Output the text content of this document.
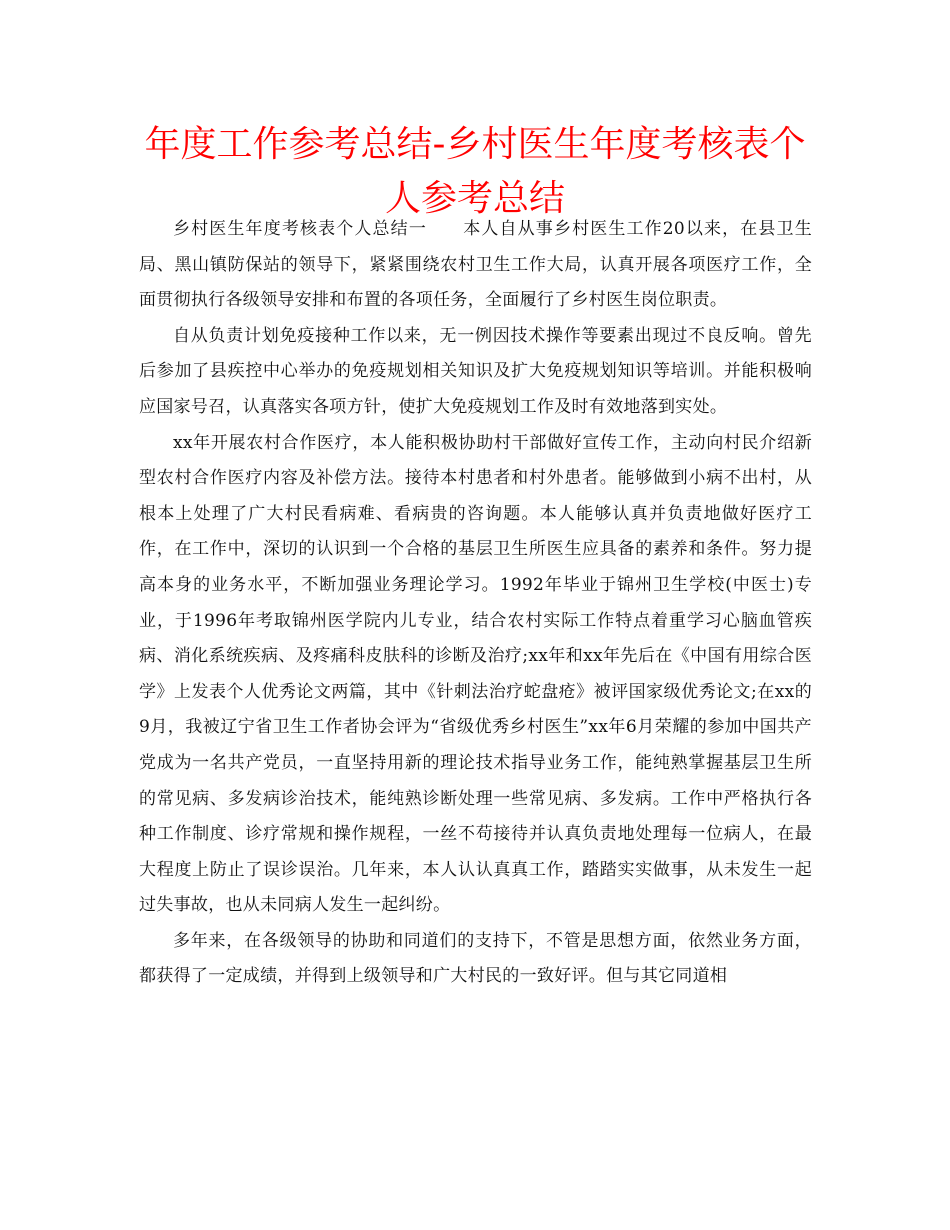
年度工作参考总结-乡村医生年度考核表个人参考总结

乡村医生年度考核表个人总结一　　本人自从事乡村医生工作20以来，在县卫生局、黑山镇防保站的领导下，紧紧围绕农村卫生工作大局，认真开展各项医疗工作，全面贯彻执行各级领导安排和布置的各项任务，全面履行了乡村医生岗位职责。

自从负责计划免疫接种工作以来，无一例因技术操作等要素出现过不良反响。曾先后参加了县疾控中心举办的免疫规划相关知识及扩大免疫规划知识等培训。并能积极响应国家号召，认真落实各项方针，使扩大免疫规划工作及时有效地落到实处。

xx年开展农村合作医疗，本人能积极协助村干部做好宣传工作，主动向村民介绍新型农村合作医疗内容及补偿方法。接待本村患者和村外患者。能够做到小病不出村，从根本上处理了广大村民看病难、看病贵的咨询题。本人能够认真并负责地做好医疗工作，在工作中，深切的认识到一个合格的基层卫生所医生应具备的素养和条件。努力提高本身的业务水平，不断加强业务理论学习。1992年毕业于锦州卫生学校(中医士)专业，于1996年考取锦州医学院内儿专业，结合农村实际工作特点着重学习心脑血管疾病、消化系统疾病、及疼痛科皮肤科的诊断及治疗;xx年和xx年先后在《中国有用综合医学》上发表个人优秀论文两篇，其中《针刺法治疗蛇盘疮》被评国家级优秀论文;在xx的9月，我被辽宁省卫生工作者协会评为“省级优秀乡村医生”xx年6月荣耀的参加中国共产党成为一名共产党员，一直坚持用新的理论技术指导业务工作，能纯熟掌握基层卫生所的常见病、多发病诊治技术，能纯熟诊断处理一些常见病、多发病。工作中严格执行各种工作制度、诊疗常规和操作规程，一丝不苟接待并认真负责地处理每一位病人，在最大程度上防止了误诊误治。几年来，本人认认真真工作，踏踏实实做事，从未发生一起过失事故，也从未同病人发生一起纠纷。

多年来，在各级领导的协助和同道们的支持下，不管是思想方面，依然业务方面，都获得了一定成绩，并得到上级领导和广大村民的一致好评。但与其它同道相
